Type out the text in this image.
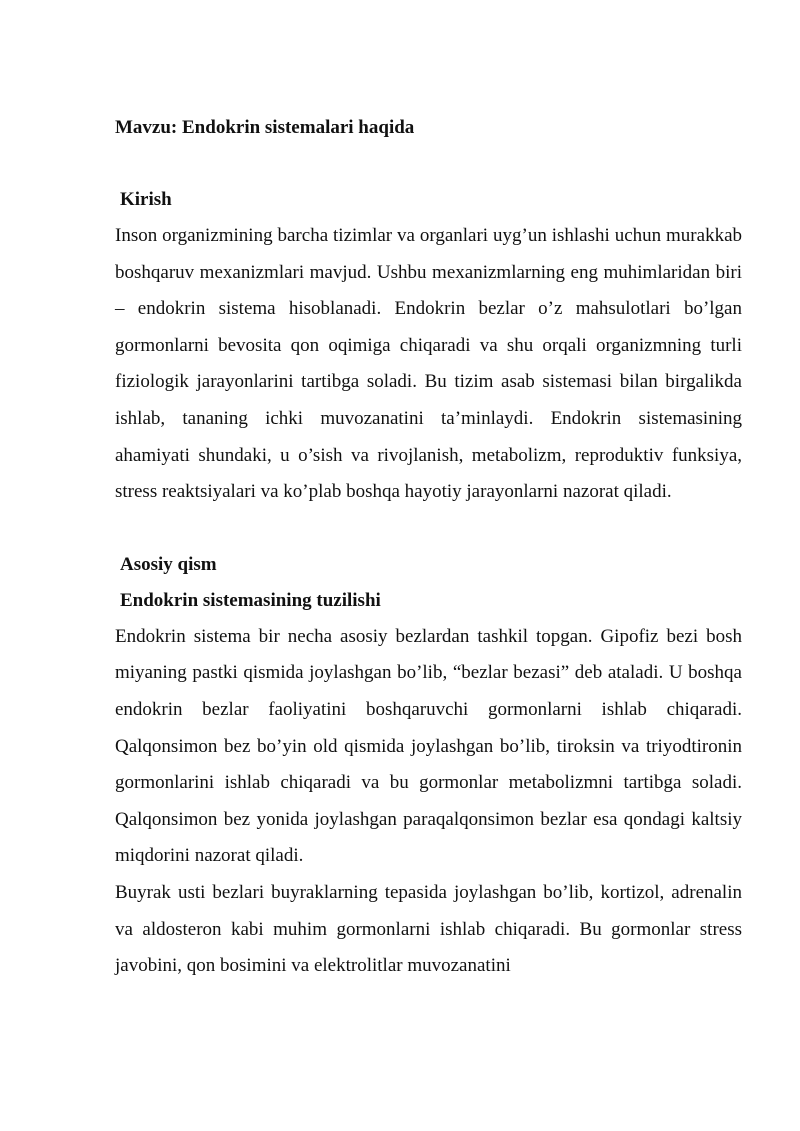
Mavzu: Endokrin sistemalari haqida
Kirish

Inson organizmining barcha tizimlar va organlari uyg’un ishlashi uchun murakkab boshqaruv mexanizmlari mavjud. Ushbu mexanizmlarning eng muhimlaridan biri – endokrin sistema hisoblanadi. Endokrin bezlar o’z mahsulotlari bo’lgan gormonlarni bevosita qon oqimiga chiqaradi va shu orqali organizmning turli fiziologik jarayonlarini tartibga soladi. Bu tizim asab sistemasi bilan birgalikda ishlab, tananing ichki muvozanatini ta’minlaydi. Endokrin sistemasining ahamiyati shundaki, u o’sish va rivojlanish, metabolizm, reproduktiv funksiya, stress reaktsiyalari va ko’plab boshqa hayotiy jarayonlarni nazorat qiladi.

Asosiy qism
Endokrin sistemasining tuzilishi

Endokrin sistema bir necha asosiy bezlardan tashkil topgan. Gipofiz bezi bosh miyaning pastki qismida joylashgan bo’lib, “bezlar bezasi” deb ataladi. U boshqa endokrin bezlar faoliyatini boshqaruvchi gormonlarni ishlab chiqaradi. Qalqonsimon bez bo’yin old qismida joylashgan bo’lib, tiroksin va triyodtironin gormonlarini ishlab chiqaradi va bu gormonlar metabolizmni tartibga soladi. Qalqonsimon bez yonida joylashgan paraqalqonsimon bezlar esa qondagi kaltsiy miqdorini nazorat qiladi.

Buyrak usti bezlari buyraklarning tepasida joylashgan bo’lib, kortizol, adrenalin va aldosteron kabi muhim gormonlarni ishlab chiqaradi. Bu gormonlar stress javobini, qon bosimini va elektrolitlar muvozanatini
